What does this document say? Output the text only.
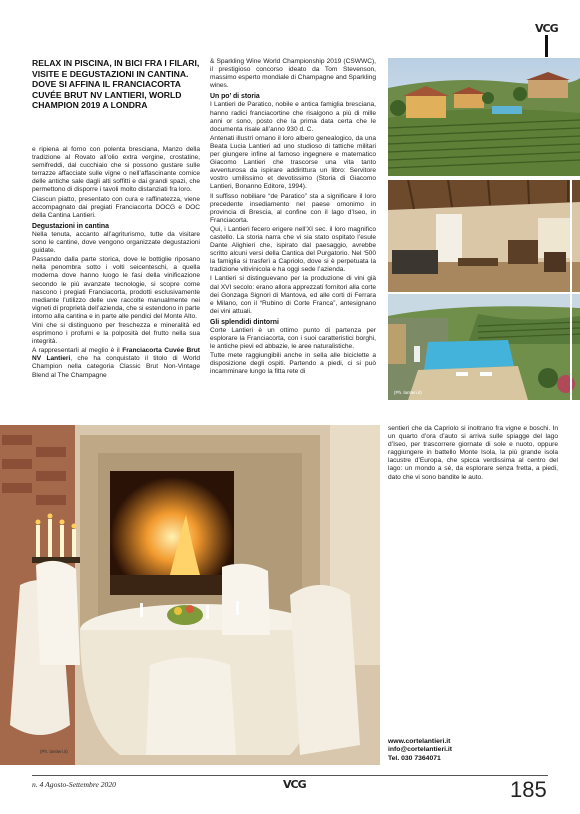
VCG
RELAX IN PISCINA, IN BICI FRA I FILARI, VISITE E DEGUSTAZIONI IN CANTINA. DOVE SI AFFINA IL FRANCIACORTA CUVÉE BRUT NV LANTIERI, WORLD CHAMPION 2019 A LONDRA

e ripiena al forno con polenta bresciana, Manzo della tradizione al Rovato all’olio extra vergine, crostatine, semifreddi, dal cucchiaio che si possono gustare sulle terrazze affacciate sulle vigne o nell’affascinante cornice delle antiche sale dagli alti soffitti e dai grandi spazi, che permettono di disporre i tavoli molto distanziati fra loro.

Ciascun piatto, presentato con cura e raffinatezza, viene accompagnato dai pregiati Franciacorta DOCG e DOC della Cantina Lantieri.

Degustazioni in cantina

Nella tenuta, accanto all’agriturismo, tutte da visitare sono le cantine, dove vengono organizzate degustazioni guidate.

Passando dalla parte storica, dove le bottiglie riposano nella penombra sotto i volti seicenteschi, a quella moderna dove hanno luogo le fasi della vinificazione secondo le più avanzate tecnologie, si scopre come nascono i pregiati Franciacorta, prodotti esclusivamente mediante l’utilizzo delle uve raccolte manualmente nei vigneti di proprietà dell’azienda, che si estendono in parte intorno alla cantina e in parte alle pendici del Monte Alto.

Vini che si distinguono per freschezza e mineralità ed esprimono i profumi e la polposità del frutto nella sua integrità.

A rappresentarli al meglio è il Franciacorta Cuvée Brut NV Lantieri, che ha conquistato il titolo di World Champion nella categoria Classic Brut Non-Vintage Blend al The Champagne

& Sparkling Wine World Championship 2019 (CSWWC), il prestigioso concorso ideato da Tom Stevenson, massimo esperto mondiale di Champagne and Sparkling wines.

Un po’ di storia

I Lantieri de Paratico, nobile e antica famiglia bresciana, hanno radici franciacortine che risalgono a più di mille anni or sono, posto che la prima data certa che le documenta risale all’anno 930 d. C.

Antenati illustri ornano il loro albero genealogico, da una Beata Lucia Lantieri ad uno studioso di tattiche militari per giungere infine al famoso ingegnere e matematico Giacomo Lantieri che trascorse una vita tanto avventurosa da ispirare addirittura un libro: Servitore vostro umilissimo et devotissimo (Storia di Giacomo Lantieri, Bonanno Editore, 1994).

Il suffisso nobiliare “de Paratico” sta a significare il loro precedente insediamento nel paese omonimo in provincia di Brescia, al confine con il lago d’Iseo, in Franciacorta.

Qui, i Lantieri fecero erigere nell’XI sec. il loro magnifico castello. La storia narra che vi sia stato ospitato l’esule Dante Alighieri che, ispirato dal paesaggio, avrebbe scritto alcuni versi della Cantica del Purgatorio. Nel ‘500 la famiglia si trasferì a Capriolo, dove si è perpetuata la tradizione vitivinicola e ha oggi sede l’azienda.

I Lantieri si distinguevano per la produzione di vini già dal XVI secolo: erano allora apprezzati fornitori alla corte dei Gonzaga Signori di Mantova, ed alle corti di Ferrara e Milano, con il “Rubino di Corte Franca”, antesignano dei vini attuali.

Gli splendidi dintorni

Corte Lantieri è un ottimo punto di partenza per esplorare la Franciacorta, con i suoi caratteristici borghi, le antiche pievi ed abbazie, le aree naturalistiche.

Tutte mete raggiungibili anche in sella alle biciclette a disposizione degli ospiti. Partendo a piedi, ci si può incamminare lungo la fitta rete di

(Ph. lantieri.it)
(Ph. lantieri.it)

sentieri che da Capriolo si inoltrano fra vigne e boschi. In un quarto d’ora d’auto si arriva sulle spiagge del lago d’Iseo, per trascorrere giornate di sole e nuoto, oppure raggiungere in battello Monte Isola, la più grande isola lacustre d’Europa, che spicca verdissima al centro del lago: un mondo a sé, da esplorare senza fretta, a piedi, dato che vi sono bandite le auto.

www.cortelantieri.it
info@cortelantieri.it
Tel. 030 7364071
n. 4 Agosto-Settembre 2020	VCG	185
